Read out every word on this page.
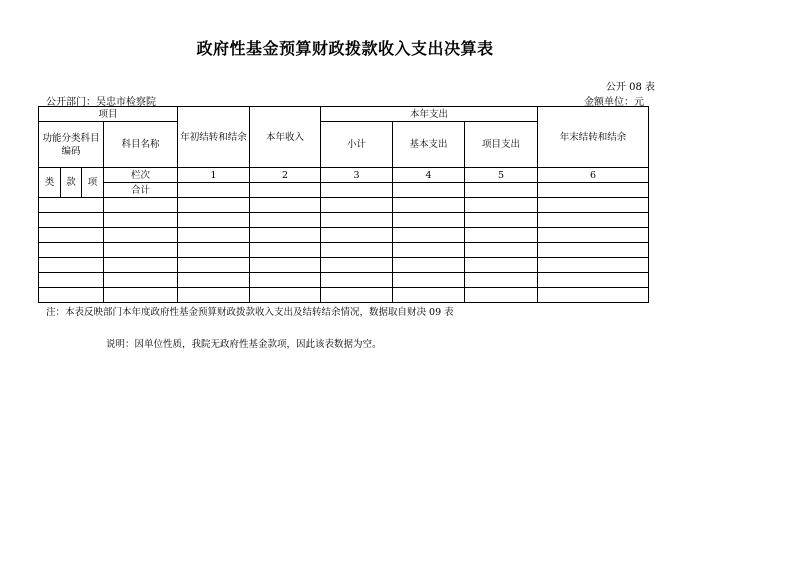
政府性基金预算财政拨款收入支出决算表
公开 08 表
公开部门：吴忠市检察院	金额单位：元
项目				年初结转和结余	本年收入	本年支出			年末结转和结余
功能分类科目编码			科目名称			小计	基本支出	项目支出	
类	款	项	栏次	1	2	3	4	5	6
			合计						

注：本表反映部门本年度政府性基金预算财政拨款收入支出及结转结余情况，数据取自财决 09 表
说明：因单位性质，我院无政府性基金款项，因此该表数据为空。
